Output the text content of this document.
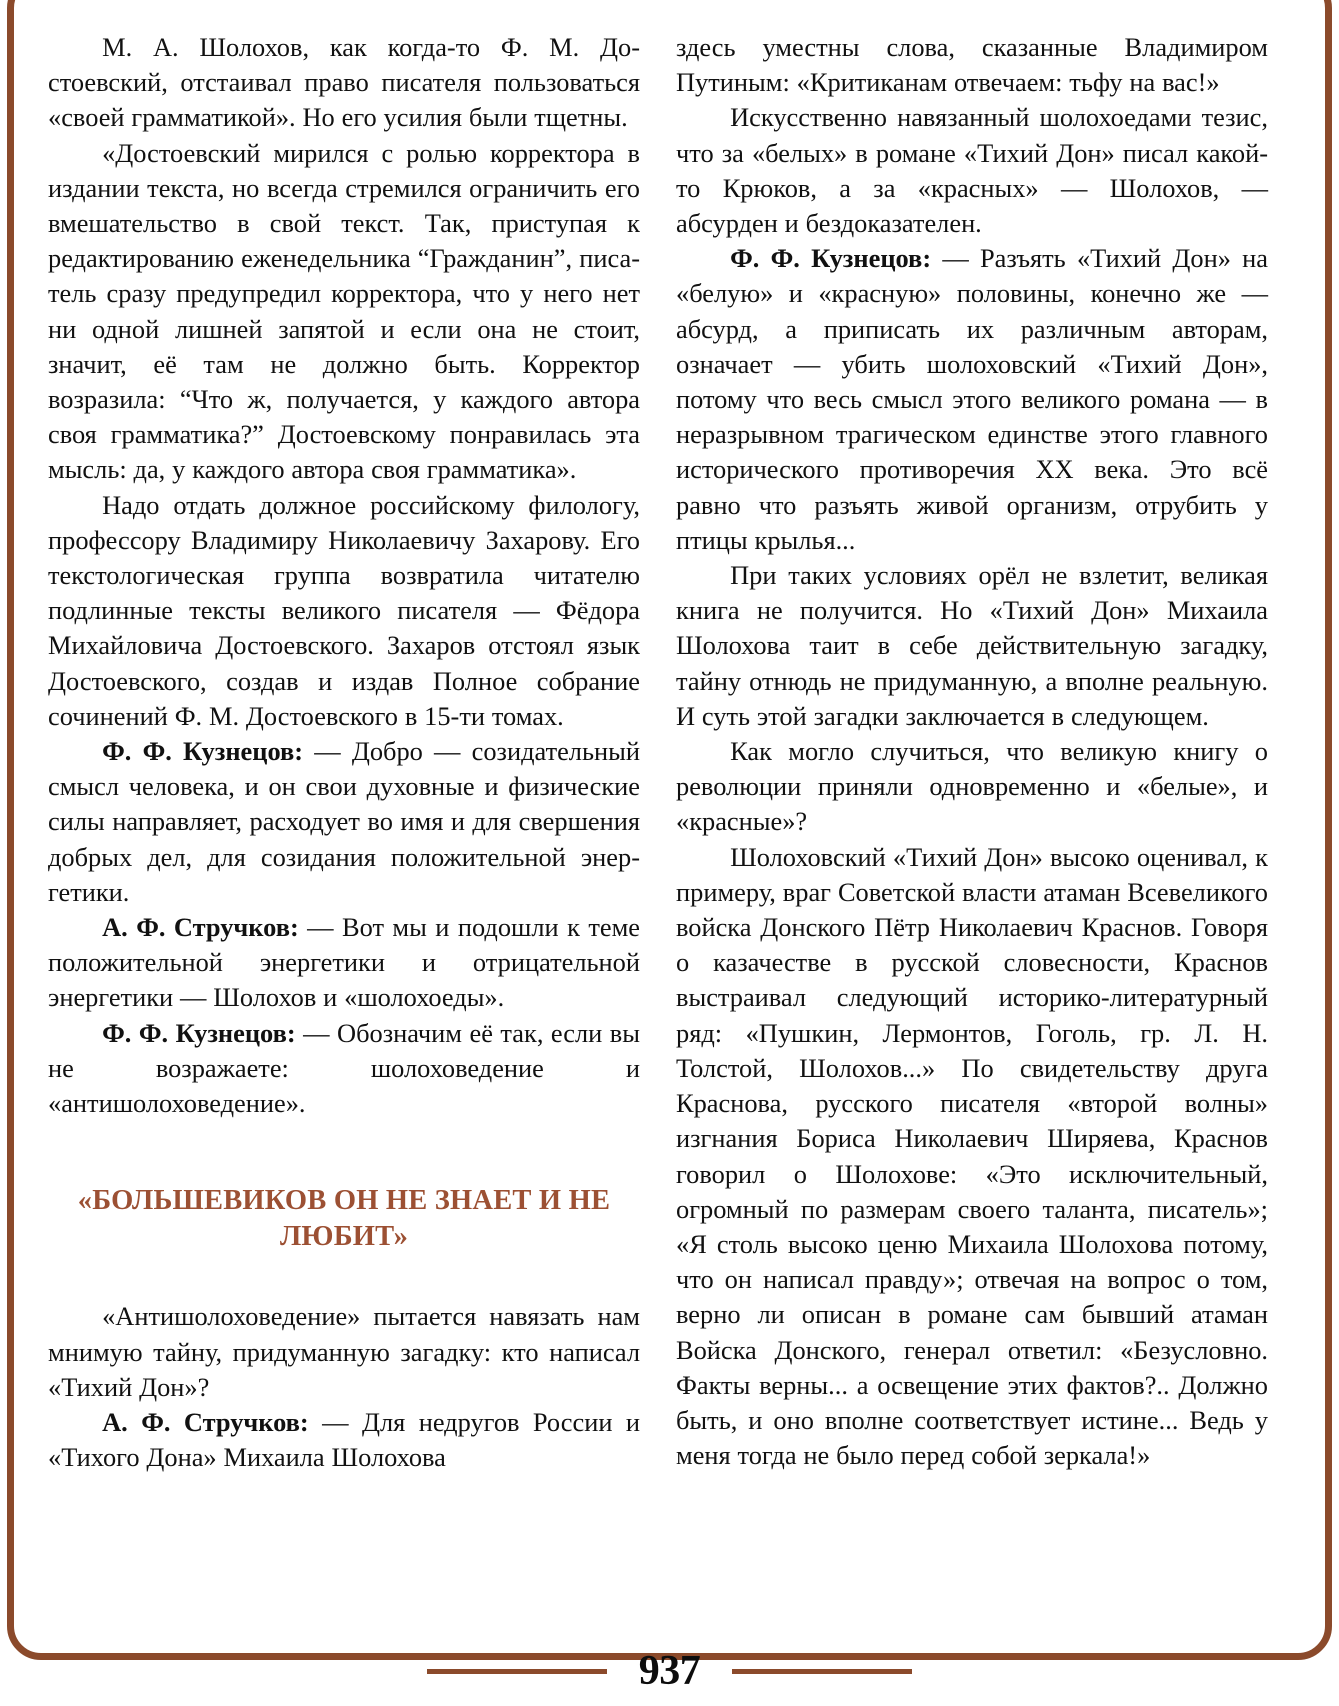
М. А. Шолохов, как когда-то Ф. М. Достоевский, отстаивал право писателя пользоваться «своей грамматикой». Но его усилия были тщетны.

«Достоевский мирился с ролью корректора в издании текста, но всегда стремился ограничить его вмешательство в свой текст. Так, приступая к редактированию еженедельника “Гражданин”, писатель сразу предупредил корректора, что у него нет ни одной лишней запятой и если она не стоит, значит, её там не должно быть. Корректор возразила: “Что ж, получается, у каждого автора своя грамматика?” Достоевскому понравилась эта мысль: да, у каждого автора своя грамматика».

Надо отдать должное российскому филологу, профессору Владимиру Николаевичу Захарову. Его текстологическая группа возвратила читателю подлинные тексты великого писателя — Фёдора Михайловича Достоевского. Захаров отстоял язык Достоевского, создав и издав Полное собрание сочинений Ф. М. Достоевского в 15-ти томах.

Ф. Ф. Кузнецов: — Добро — созидательный смысл человека, и он свои духовные и физические силы направляет, расходует во имя и для свершения добрых дел, для созидания положительной энергетики.

А. Ф. Стручков: — Вот мы и подошли к теме положительной энергетики и отрицательной энергетики — Шолохов и «шолохоеды».

Ф. Ф. Кузнецов: — Обозначим её так, если вы не возражаете: шолоховедение и «антишолоховедение».

«БОЛЬШЕВИКОВ ОН НЕ ЗНАЕТ И НЕ ЛЮБИТ»

«Антишолоховедение» пытается навязать нам мнимую тайну, придуманную загадку: кто написал «Тихий Дон»?

А. Ф. Стручков: — Для недругов России и «Тихого Дона» Михаила Шолохова

здесь уместны слова, сказанные Владимиром Путиным: «Критиканам отвечаем: тьфу на вас!»

Искусственно навязанный шолохоедами тезис, что за «белых» в романе «Тихий Дон» писал какой-то Крюков, а за «красных» — Шолохов, — абсурден и бездоказателен.

Ф. Ф. Кузнецов: — Разъять «Тихий Дон» на «белую» и «красную» половины, конечно же — абсурд, а приписать их различным авторам, означает — убить шолоховский «Тихий Дон», потому что весь смысл этого великого романа — в неразрывном трагическом единстве этого главного исторического противоречия XX века. Это всё равно что разъять живой организм, отрубить у птицы крылья...

При таких условиях орёл не взлетит, великая книга не получится. Но «Тихий Дон» Михаила Шолохова таит в себе действительную загадку, тайну отнюдь не придуманную, а вполне реальную. И суть этой загадки заключается в следующем.

Как могло случиться, что великую книгу о революции приняли одновременно и «белые», и «красные»?

Шолоховский «Тихий Дон» высоко оценивал, к примеру, враг Советской власти атаман Всевеликого войска Донского Пётр Николаевич Краснов. Говоря о казачестве в русской словесности, Краснов выстраивал следующий историко-литературный ряд: «Пушкин, Лермонтов, Гоголь, гр. Л. Н. Толстой, Шолохов...» По свидетельству друга Краснова, русского писателя «второй волны» изгнания Бориса Николаевич Ширяева, Краснов говорил о Шолохове: «Это исключительный, огромный по размерам своего таланта, писатель»; «Я столь высоко ценю Михаила Шолохова потому, что он написал правду»; отвечая на вопрос о том, верно ли описан в романе сам бывший атаман Войска Донского, генерал ответил: «Безусловно. Факты верны... а освещение этих фактов?.. Должно быть, и оно вполне соответствует истине... Ведь у меня тогда не было перед собой зеркала!»

937
